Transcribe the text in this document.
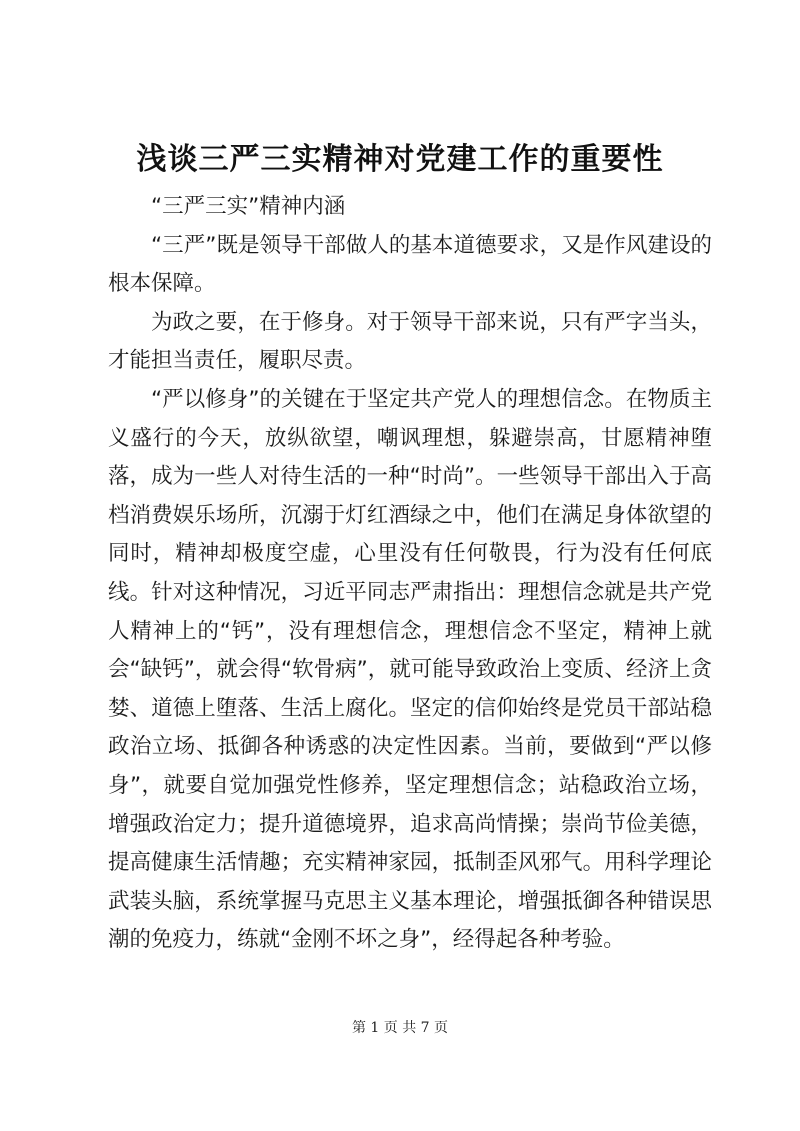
浅谈三严三实精神对党建工作的重要性

“三严三实”精神内涵

“三严”既是领导干部做人的基本道德要求，又是作风建设的根本保障。

为政之要，在于修身。对于领导干部来说，只有严字当头，才能担当责任，履职尽责。

“严以修身”的关键在于坚定共产党人的理想信念。在物质主义盛行的今天，放纵欲望，嘲讽理想，躲避崇高，甘愿精神堕落，成为一些人对待生活的一种“时尚”。一些领导干部出入于高档消费娱乐场所，沉溺于灯红酒绿之中，他们在满足身体欲望的同时，精神却极度空虚，心里没有任何敬畏，行为没有任何底线。针对这种情况，习近平同志严肃指出：理想信念就是共产党人精神上的“钙”，没有理想信念，理想信念不坚定，精神上就会“缺钙”，就会得“软骨病”，就可能导致政治上变质、经济上贪婪、道德上堕落、生活上腐化。坚定的信仰始终是党员干部站稳政治立场、抵御各种诱惑的决定性因素。当前，要做到“严以修身”，就要自觉加强党性修养，坚定理想信念；站稳政治立场，增强政治定力；提升道德境界，追求高尚情操；崇尚节俭美德，提高健康生活情趣；充实精神家园，抵制歪风邪气。用科学理论武装头脑，系统掌握马克思主义基本理论，增强抵御各种错误思潮的免疫力，练就“金刚不坏之身”，经得起各种考验。

第 1 页 共 7 页
